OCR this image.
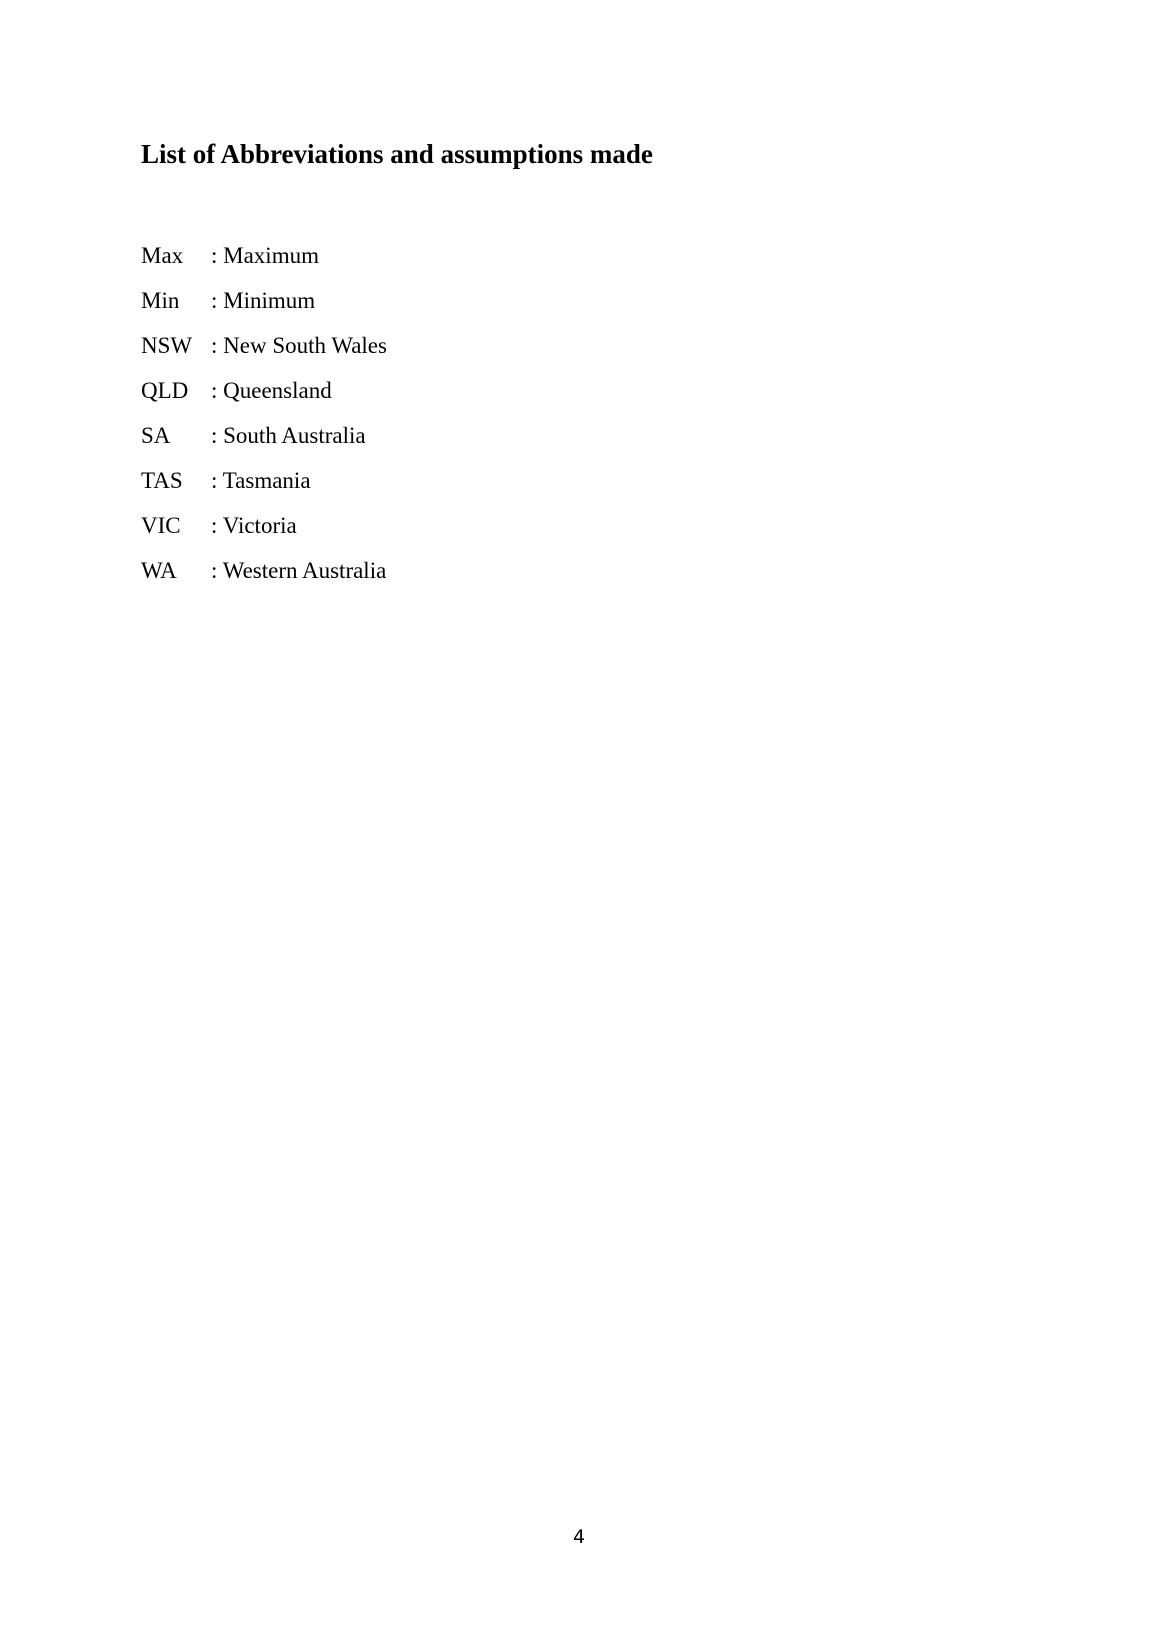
List of Abbreviations and assumptions made
Max	: Maximum
Min	: Minimum
NSW : New South Wales
QLD : Queensland
SA	: South Australia
TAS	: Tasmania
VIC	: Victoria
WA	: Western Australia
4
